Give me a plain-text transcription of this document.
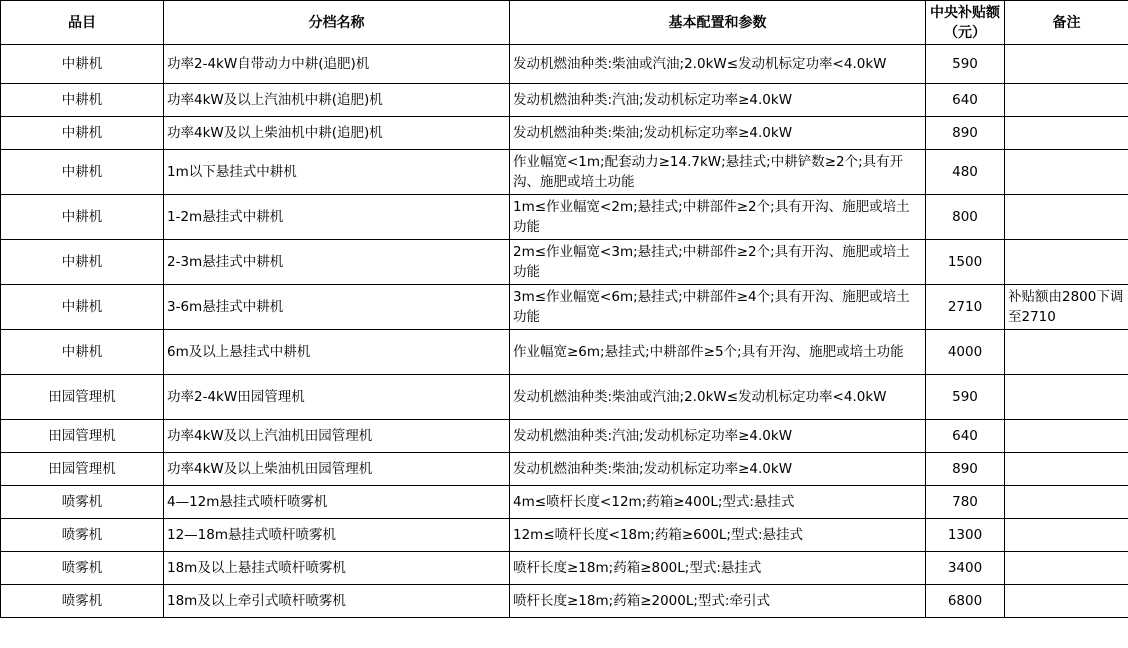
品目	分档名称	基本配置和参数	中央补贴额（元）	备注
中耕机	功率2-4kW自带动力中耕(追肥)机	发动机燃油种类:柴油或汽油;2.0kW≤发动机标定功率<4.0kW	590	
中耕机	功率4kW及以上汽油机中耕(追肥)机	发动机燃油种类:汽油;发动机标定功率≥4.0kW	640	
中耕机	功率4kW及以上柴油机中耕(追肥)机	发动机燃油种类:柴油;发动机标定功率≥4.0kW	890	
中耕机	1m以下悬挂式中耕机	作业幅宽<1m;配套动力≥14.7kW;悬挂式;中耕铲数≥2个;具有开沟、施肥或培土功能	480	
中耕机	1-2m悬挂式中耕机	1m≤作业幅宽<2m;悬挂式;中耕部件≥2个;具有开沟、施肥或培土功能	800	
中耕机	2-3m悬挂式中耕机	2m≤作业幅宽<3m;悬挂式;中耕部件≥2个;具有开沟、施肥或培土功能	1500	
中耕机	3-6m悬挂式中耕机	3m≤作业幅宽<6m;悬挂式;中耕部件≥4个;具有开沟、施肥或培土功能	2710	补贴额由2800下调至2710
中耕机	6m及以上悬挂式中耕机	作业幅宽≥6m;悬挂式;中耕部件≥5个;具有开沟、施肥或培土功能	4000	
田园管理机	功率2-4kW田园管理机	发动机燃油种类:柴油或汽油;2.0kW≤发动机标定功率<4.0kW	590	
田园管理机	功率4kW及以上汽油机田园管理机	发动机燃油种类:汽油;发动机标定功率≥4.0kW	640	
田园管理机	功率4kW及以上柴油机田园管理机	发动机燃油种类:柴油;发动机标定功率≥4.0kW	890	
喷雾机	4—12m悬挂式喷杆喷雾机	4m≤喷杆长度<12m;药箱≥400L;型式:悬挂式	780	
喷雾机	12—18m悬挂式喷杆喷雾机	12m≤喷杆长度<18m;药箱≥600L;型式:悬挂式	1300	
喷雾机	18m及以上悬挂式喷杆喷雾机	喷杆长度≥18m;药箱≥800L;型式:悬挂式	3400	
喷雾机	18m及以上牵引式喷杆喷雾机	喷杆长度≥18m;药箱≥2000L;型式:牵引式	6800	
